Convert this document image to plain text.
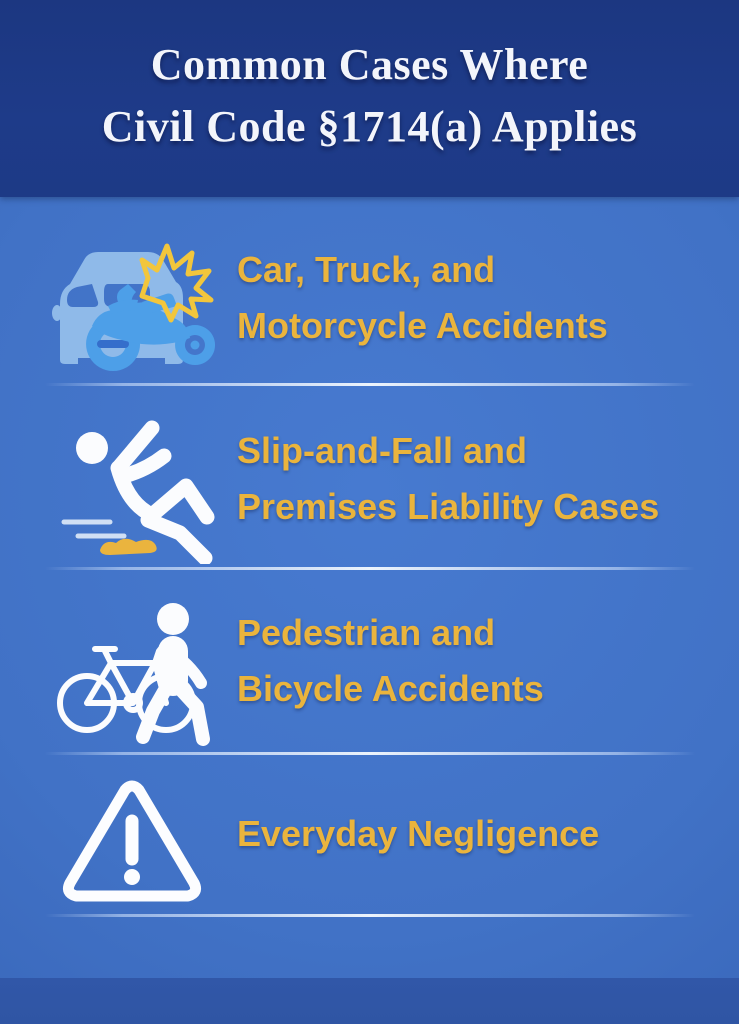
Common Cases Where
Civil Code §1714(a) Applies
Car, Truck, and
Motorcycle Accidents
Slip-and-Fall and
Premises Liability Cases
Pedestrian and
Bicycle Accidents
Everyday Negligence
